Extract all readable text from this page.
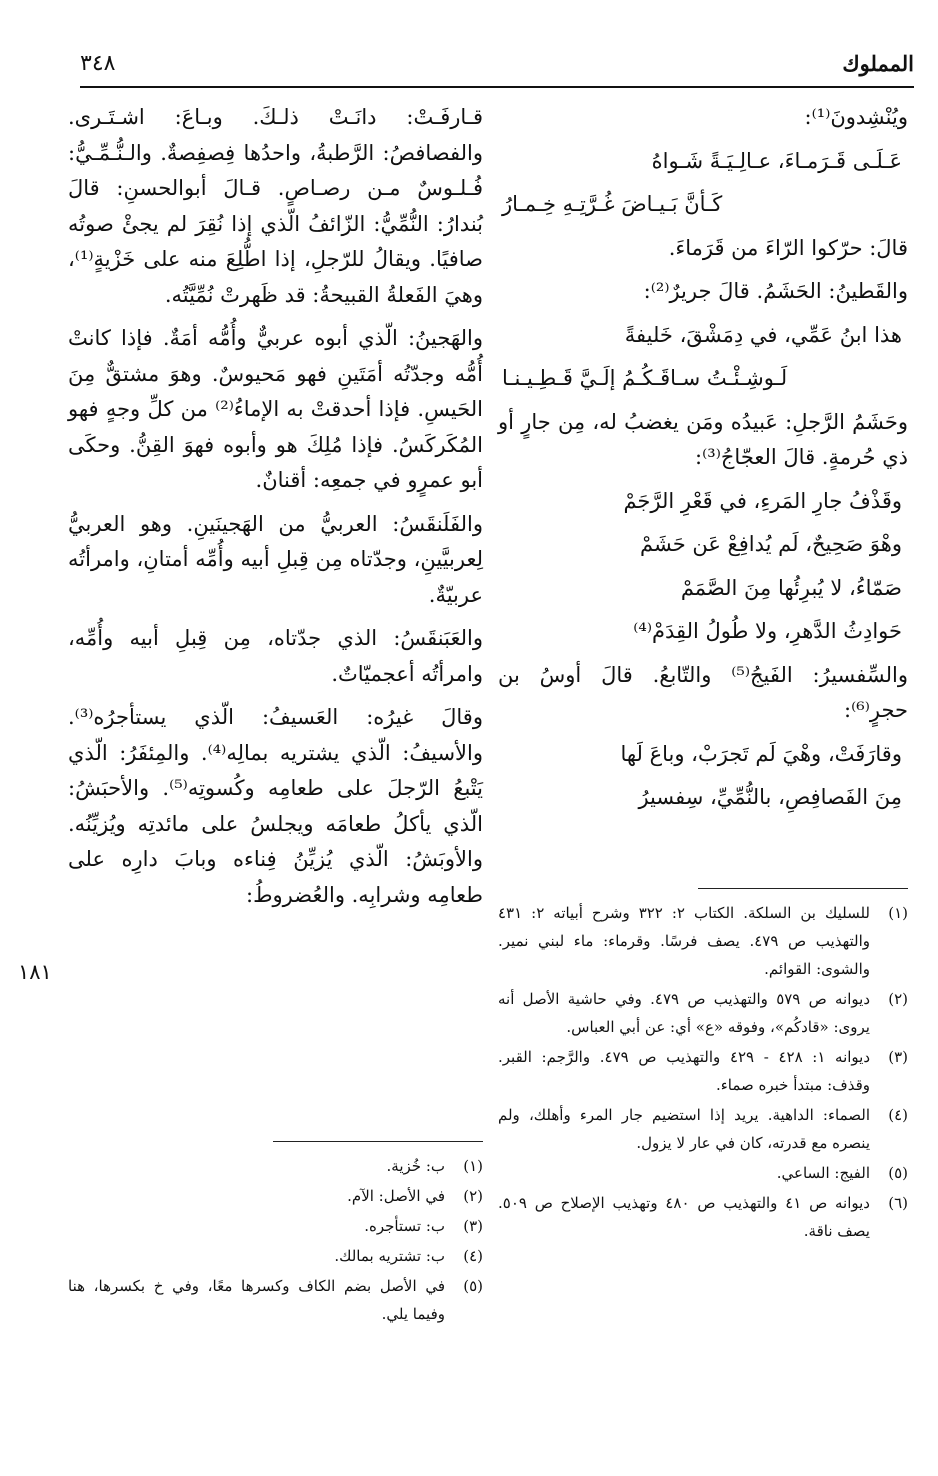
المملوك
٣٤٨

ويُنْشِدونَ⁽¹⁾:

عَـلَـى قَـرَمـاءَ، عـالِـيَـةً شَـواهُ

كَـأنَّ بَـيـاضَ غُـرَّتِـهِ خِـمـارُ

قالَ: حرّكوا الرّاءَ من قَرَماءَ.

والقَطينُ: الحَشَمُ. قالَ جريرٌ⁽²⁾:

هذا ابنُ عَمِّي، في دِمَشْقَ، خَليفةً

لَـوشِـئْـتُ سـاقَـكُـمُ إلَـيَّ قَـطِـيـنـا

وحَشَمُ الرَّجلِ: عَبيدُه ومَن يغضبُ له، مِن جارٍ أو ذي حُرمةٍ. قالَ العجّاجُ⁽³⁾:

وقَذْفُ جارِ المَرءِ، في قَعْرِ الرَّجَمْ

وهْوَ صَحِيحٌ، لَم يُدافِعْ عَن حَشَمْ

صَمّاءُ، لا يُبرِئُها مِنَ الصَّمَمْ

حَوادِثُ الدَّهرِ، ولا طُولُ القِدَمْ⁽⁴⁾

والسِّفسيرُ: الفَيجُ⁽⁵⁾ والتّابعُ. قالَ أوسُ بن حجرٍ⁽⁶⁾:

وقارَفَتْ، وهْيَ لَم تَجرَبْ، وباعَ لَها

مِنَ الفَصافِصِ، بالنُّمِّيِّ، سِفسيرُ

(١)
للسليك بن السلكة. الكتاب ٢: ٣٢٢ وشرح أبياته ٢: ٤٣١ والتهذيب ص ٤٧٩. يصف فرسًا. وقرماء: ماء لبني نمير. والشوى: القوائم.
(٢)
ديوانه ص ٥٧٩ والتهذيب ص ٤٧٩. وفي حاشية الأصل أنه يروى: «قادكُم»، وفوقه «ع» أي: عن أبي العباس.
(٣)
ديوانه ١: ٤٢٨ - ٤٢٩ والتهذيب ص ٤٧٩. والرَّجم: القبر. وقذف: مبتدأ خبره صماء.
(٤)
الصماء: الداهية. يريد إذا استضيم جار المرء وأهلك، ولم ينصره مع قدرته، كان في عار لا يزول.
(٥)
الفيج: الساعي.
(٦)
ديوانه ص ٤١ والتهذيب ص ٤٨٠ وتهذيب الإصلاح ص ٥٠٩. يصف ناقة.

قـارفَـتْ: دانَـتْ ذلـكَ. وبـاعَ: اشـتَـرى. والفصافصُ: الرَّطبةُ، واحدُها فِصفِصةٌ. والـنُّـمِّـيُّ: فُـلـوسٌ مـن رصـاصٍ. قـالَ أبوالحسنِ: قالَ بُندارُ: النُّمِّيُّ: الزّائفُ الّذي إذا نُقِرَ لم يجئْ صوتُه صافيًا. ويقالُ للرّجلِ، إذا اطُّلِعَ منه على خَزْيةٍ⁽¹⁾، وهيَ الفَعلةُ القبيحةُ: قد ظَهرتْ نُمِّيَّتُه.

والهَجينُ: الّذي أبوه عربيٌّ وأُمُّه أمَةٌ. فإذا كانتْ أُمُّه وجدّتُه أمَتَينِ فهو مَحيوسٌ. وهوَ مشتقٌّ مِنَ الحَيسِ. فإذا أحدقتْ به الإماءُ⁽²⁾ من كلِّ وجهٍ فهو المُكَركَسُ. فإذا مُلِكَ هو وأبوه فهوَ القِنُّ. وحكَى أبو عمرٍو في جمعِه: أقنانٌ.

والفَلَنقَسُ: العربيُّ من الهَجينَينِ. وهو العربيُّ لِعربيَّينِ، وجدّتاه مِن قِبلِ أبيه وأُمِّه أمتانِ، وامرأتُه عربيّةٌ.

والعَبَنقَسُ: الذي جدّتاه، مِن قِبلِ أبيه وأُمِّه، وامرأتُه أعجميّاتٌ.

وقالَ غيرُه: العَسيفُ: الّذي يستأجرُه⁽³⁾. والأسيفُ: الّذي يشتريه بمالِه⁽⁴⁾. والمِئفَرُ: الّذي يَتْبعُ الرّجلَ على طعامِه وكُسوتِه⁽⁵⁾. والأحبَشُ: الّذي يأكلُ طعامَه ويجلسُ على مائدتِه ويُزيِّنُه. والأوبَشُ: الّذي يُزيِّنُ فِناءه وبابَ دارِه على طعامِه وشرابِه. والعُضروطُ:

١٨١
(١)
ب: خُزية.
(٢)
في الأصل: الآم.
(٣)
ب: تستأجره.
(٤)
ب: تشتريه بمالك.
(٥)
في الأصل بضم الكاف وكسرها معًا، وفي خ بكسرها، هنا وفيما يلي.
